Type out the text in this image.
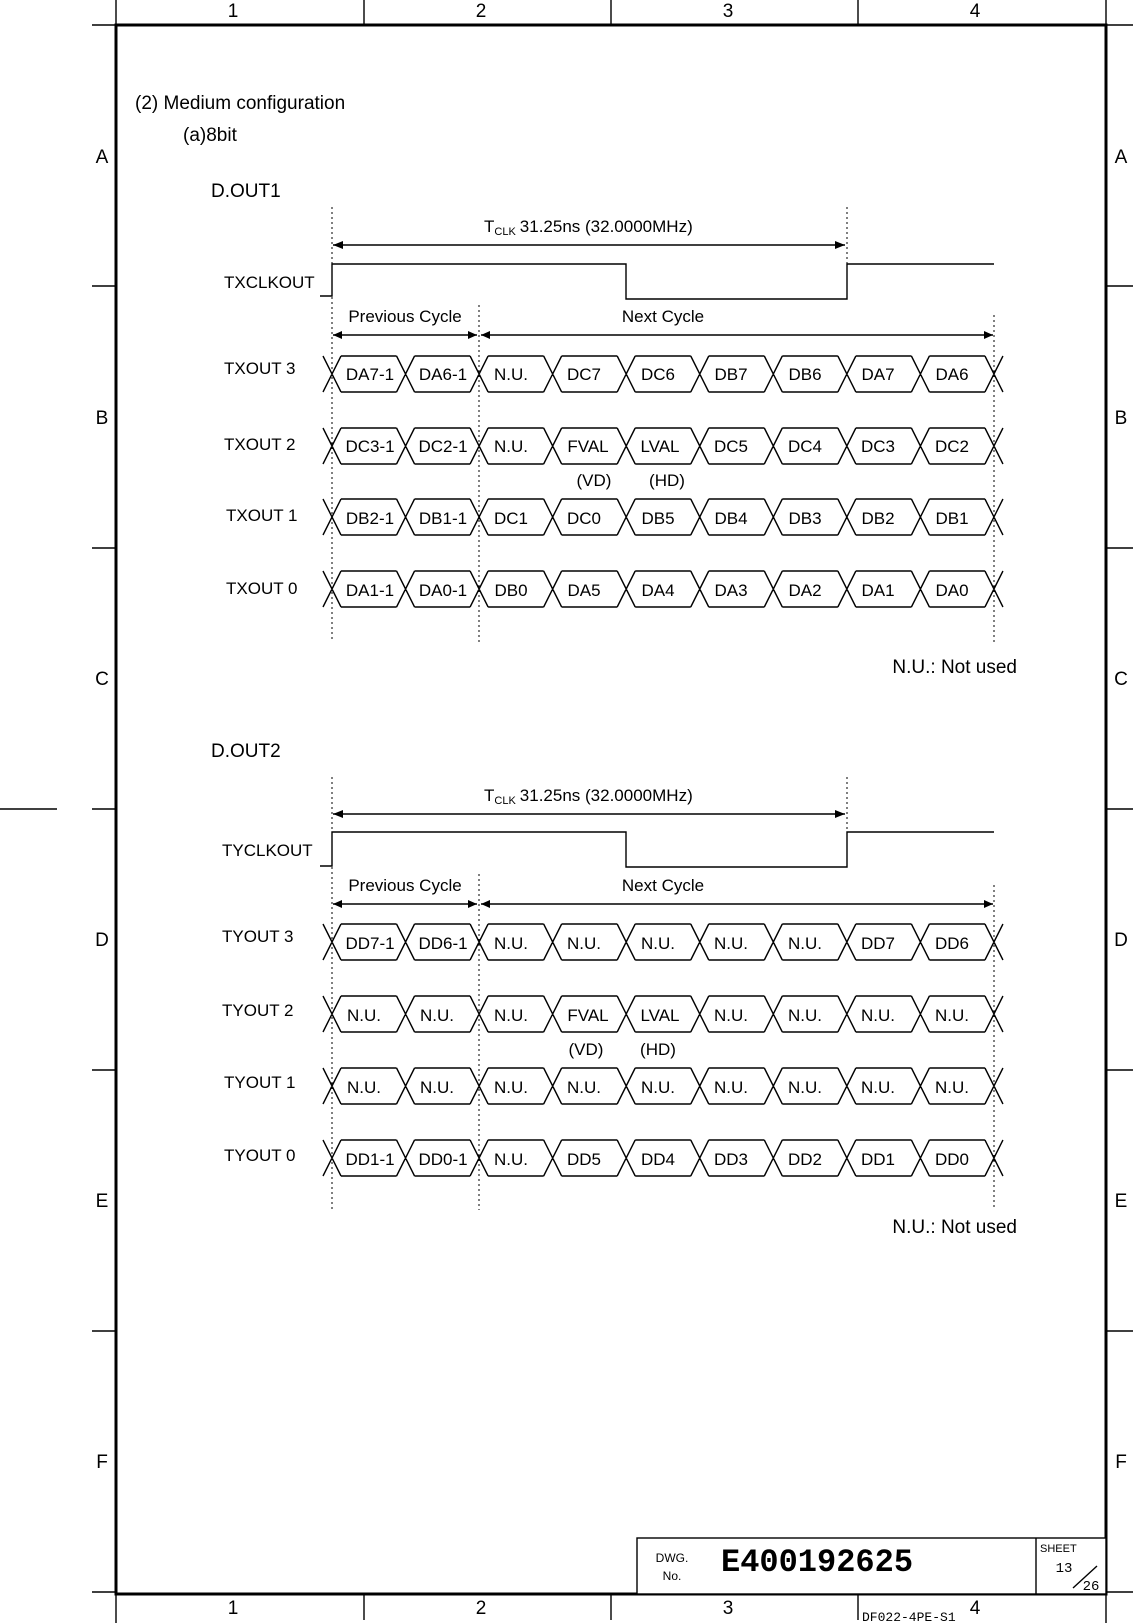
1	2	3	4
1	2	3	4
A
B
C
D
E
F
A
B
C
D
E
F
(2) Medium configuration
(a)8bit
D.OUT1
TCLK 31.25ns (32.0000MHz)
TXCLKOUT
Previous Cycle	Next Cycle
TXOUT 3	DA7-1 DA6-1 N.U. DC7 DC6 DB7 DB6 DA7 DA6
TXOUT 2	DC3-1 DC2-1 N.U. FVAL LVAL DC5 DC4 DC3 DC2
(VD) (HD)
TXOUT 1	DB2-1 DB1-1 DC1 DC0 DB5 DB4 DB3 DB2 DB1
TXOUT 0	DA1-1 DA0-1 DB0 DA5 DA4 DA3 DA2 DA1 DA0
N.U.: Not used
D.OUT2
TCLK 31.25ns (32.0000MHz)
TYCLKOUT
Previous Cycle	Next Cycle
TYOUT 3	DD7-1 DD6-1 N.U. N.U. N.U. N.U. N.U. DD7 DD6
TYOUT 2	N.U. N.U. N.U. FVAL LVAL N.U. N.U. N.U. N.U.
(VD) (HD)
TYOUT 1	N.U. N.U. N.U. N.U. N.U. N.U. N.U. N.U. N.U.
TYOUT 0	DD1-1 DD0-1 N.U. DD5 DD4 DD3 DD2 DD1 DD0
N.U.: Not used
DWG.
No. E400192625	SHEET
13
26
DF022-4PE-S1
